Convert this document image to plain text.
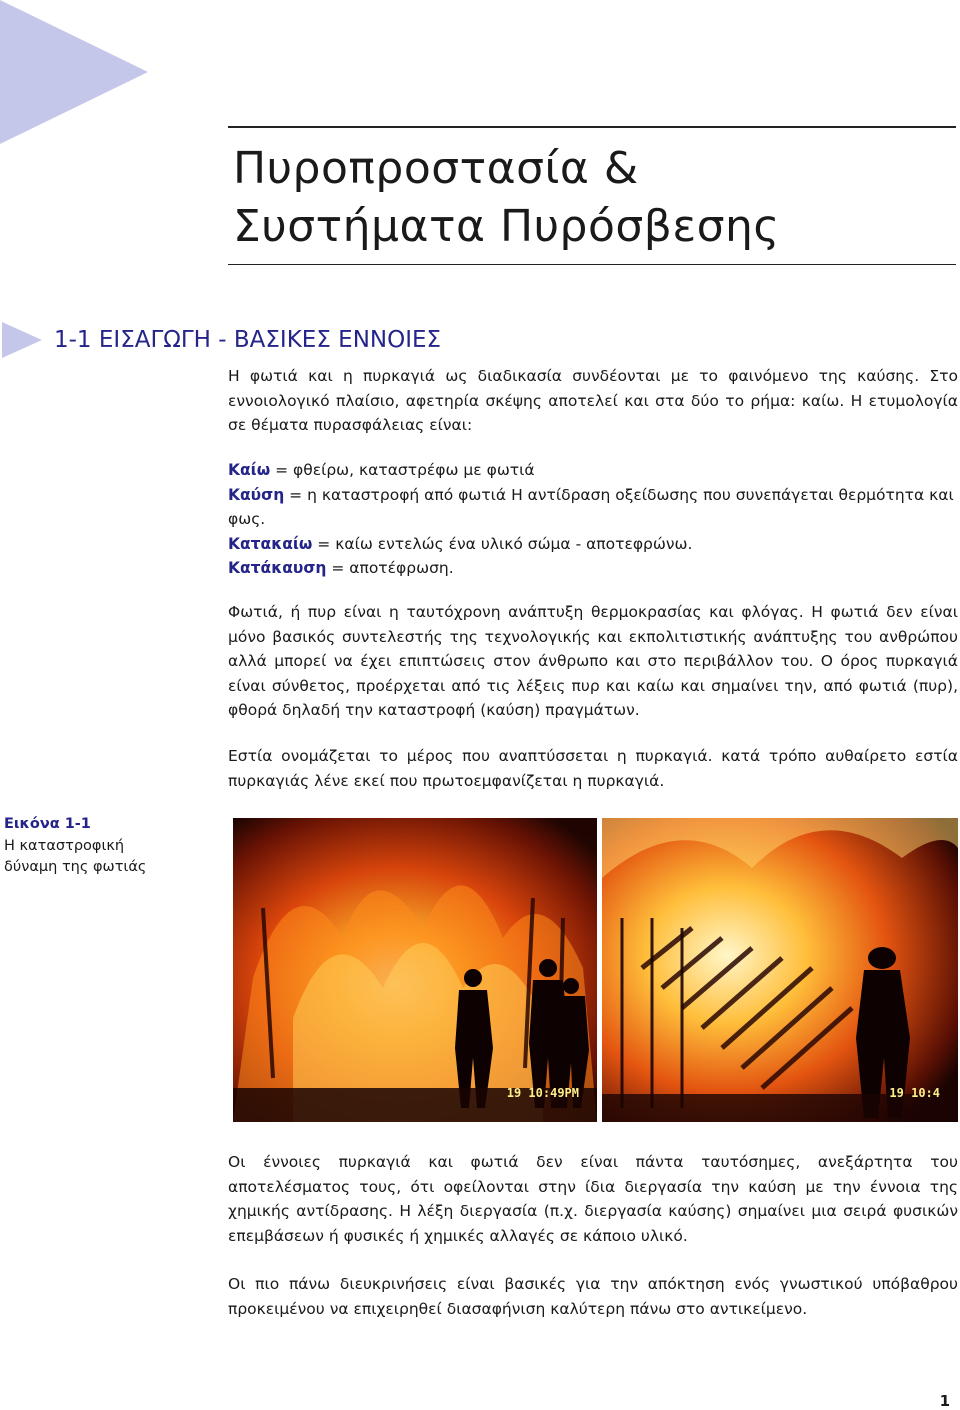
Πυροπροστασία &
Συστήματα Πυρόσβεσης
1-1 ΕΙΣΑΓΩΓΗ - ΒΑΣΙΚΕΣ ΕΝΝΟΙΕΣ

Η φωτιά και η πυρκαγιά ως διαδικασία συνδέονται με το φαινόμενο της καύσης. Στο εννοιολογικό πλαίσιο, αφετηρία σκέψης αποτελεί και στα δύο το ρήμα: καίω. Η ετυμολογία σε θέματα πυρασφάλειας είναι:

Καίω = φθείρω, καταστρέφω με φωτιά

Καύση = η καταστροφή από φωτιά Η αντίδραση οξείδωσης που συνεπάγεται θερμότητα και φως.

Κατακαίω = καίω εντελώς ένα υλικό σώμα - αποτεφρώνω.

Κατάκαυση = αποτέφρωση.

Φωτιά, ή πυρ είναι η ταυτόχρονη ανάπτυξη θερμοκρασίας και φλόγας. Η φωτιά δεν είναι μόνο βασικός συντελεστής της τεχνολογικής και εκπολιτιστικής ανάπτυξης του ανθρώπου αλλά μπορεί να έχει επιπτώσεις στον άνθρωπο και στο περιβάλλον του. Ο όρος πυρκαγιά είναι σύνθετος, προέρχεται από τις λέξεις πυρ και καίω και σημαίνει την, από φωτιά (πυρ), φθορά δηλαδή την καταστροφή (καύση) πραγμάτων.

Εστία ονομάζεται το μέρος που αναπτύσσεται η πυρκαγιά. κατά τρόπο αυθαίρετο εστία πυρκαγιάς λένε εκεί που πρωτοεμφανίζεται η πυρκαγιά.

Εικόνα 1-1
Η καταστροφική
δύναμη της φωτιάς
19 10:49PM	19 10:4

Οι έννοιες πυρκαγιά και φωτιά δεν είναι πάντα ταυτόσημες, ανεξάρτητα του αποτελέσματος τους, ότι οφείλονται στην ίδια διεργασία την καύση με την έννοια της χημικής αντίδρασης. Η λέξη διεργασία (π.χ. διεργασία καύσης) σημαίνει μια σειρά φυσικών επεμβάσεων ή φυσικές ή χημικές αλλαγές σε κάποιο υλικό.

Οι πιο πάνω διευκρινήσεις είναι βασικές για την απόκτηση ενός γνωστικού υπόβαθρου προκειμένου να επιχειρηθεί διασαφήνιση καλύτερη πάνω στο αντικείμενο.

1
